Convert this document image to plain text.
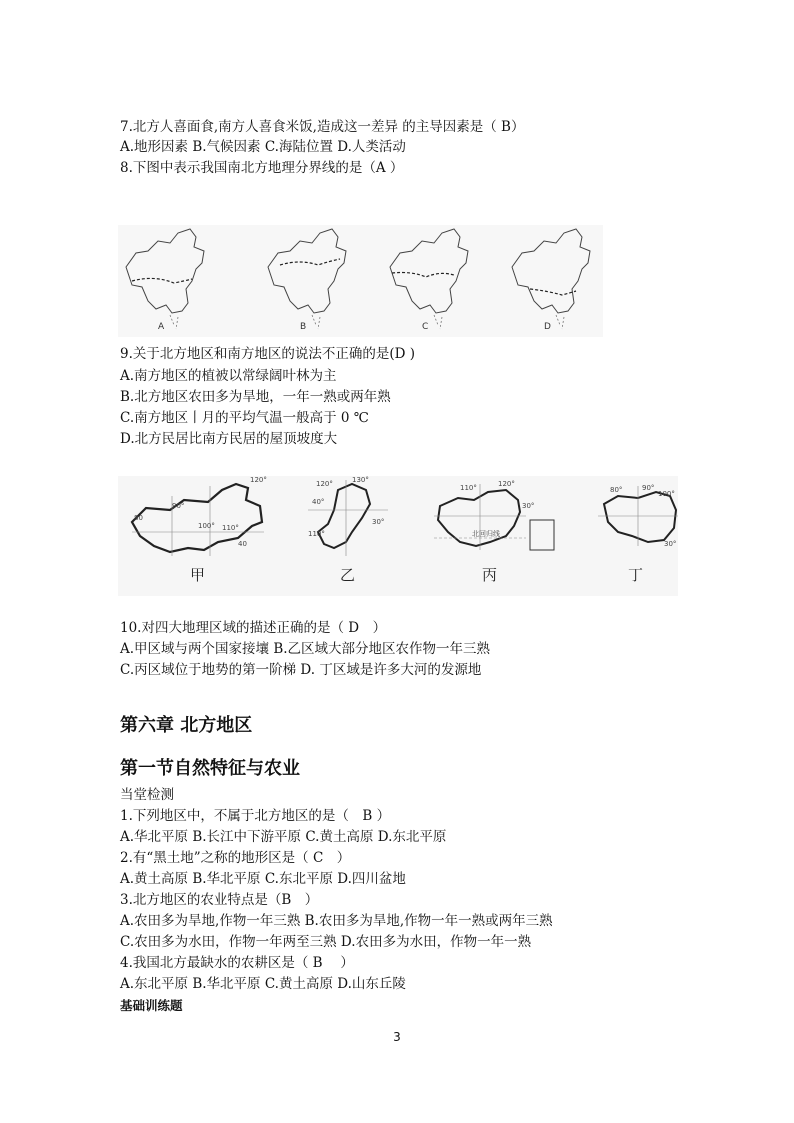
7.北方人喜面食,南方人喜食米饭,造成这一差异 的主导因素是（ B）
A.地形因素 B.气候因素 C.海陆位置 D.人类活动
8.下图中表示我国南北方地理分界线的是（A ）
A	B	C	D
9.关于北方地区和南方地区的说法不正确的是(D )
A.南方地区的植被以常绿阔叶林为主
B.北方地区农田多为旱地，一年一熟或两年熟
C.南方地区丨月的平均气温一般高于 0 ℃
D.北方民居比南方民居的屋顶坡度大
90°
100° 110°
120°
80
40
甲
120°	130°
40°
110°
30°
乙
110°	120°
30°
北回归线
丙
80°	90°
100°
30°
丁
10.对四大地理区域的描述正确的是（ D　）
A.甲区域与两个国家接壤 B.乙区域大部分地区农作物一年三熟
C.丙区域位于地势的第一阶梯 D. 丁区域是许多大河的发源地
第六章 北方地区
第一节自然特征与农业
当堂检测
1.下列地区中，不属于北方地区的是（　B ）
A.华北平原 B.长江中下游平原 C.黄土高原 D.东北平原
2.有“黑土地”之称的地形区是（ C　）
A.黄土高原 B.华北平原 C.东北平原 D.四川盆地
3.北方地区的农业特点是（B　）
A.农田多为旱地,作物一年三熟 B.农田多为旱地,作物一年一熟或两年三熟
C.农田多为水田，作物一年两至三熟 D.农田多为水田，作物一年一熟
4.我国北方最缺水的农耕区是（ B　 ）
A.东北平原 B.华北平原 C.黄土高原 D.山东丘陵
基础训练题
3
